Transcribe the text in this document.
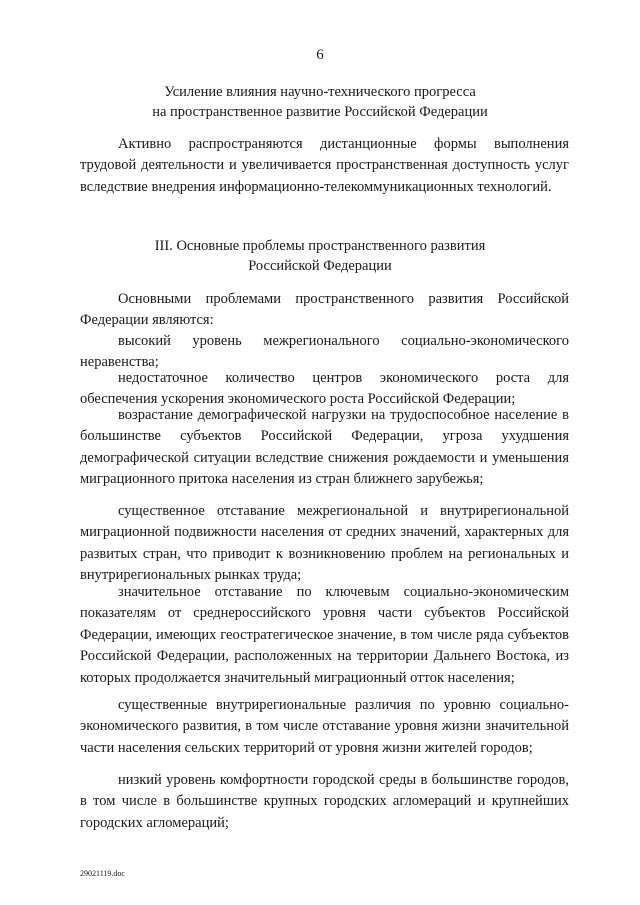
6
Усиление влияния научно-технического прогресса
на пространственное развитие Российской Федерации

Активно распространяются дистанционные формы выполнения трудовой деятельности и увеличивается пространственная доступность услуг вследствие внедрения информационно-телекоммуникационных технологий.

III. Основные проблемы пространственного развития
Российской Федерации

Основными проблемами пространственного развития Российской Федерации являются:

высокий уровень межрегионального социально-экономического неравенства;

недостаточное количество центров экономического роста для обеспечения ускорения экономического роста Российской Федерации;

возрастание демографической нагрузки на трудоспособное население в большинстве субъектов Российской Федерации, угроза ухудшения демографической ситуации вследствие снижения рождаемости и уменьшения миграционного притока населения из стран ближнего зарубежья;

существенное отставание межрегиональной и внутрирегиональной миграционной подвижности населения от средних значений, характерных для развитых стран, что приводит к возникновению проблем на региональных и внутрирегиональных рынках труда;

значительное отставание по ключевым социально-экономическим показателям от среднероссийского уровня части субъектов Российской Федерации, имеющих геостратегическое значение, в том числе ряда субъектов Российской Федерации, расположенных на территории Дальнего Востока, из которых продолжается значительный миграционный отток населения;

существенные внутрирегиональные различия по уровню социально-экономического развития, в том числе отставание уровня жизни значительной части населения сельских территорий от уровня жизни жителей городов;

низкий уровень комфортности городской среды в большинстве городов, в том числе в большинстве крупных городских агломераций и крупнейших городских агломераций;

29021119.doc
